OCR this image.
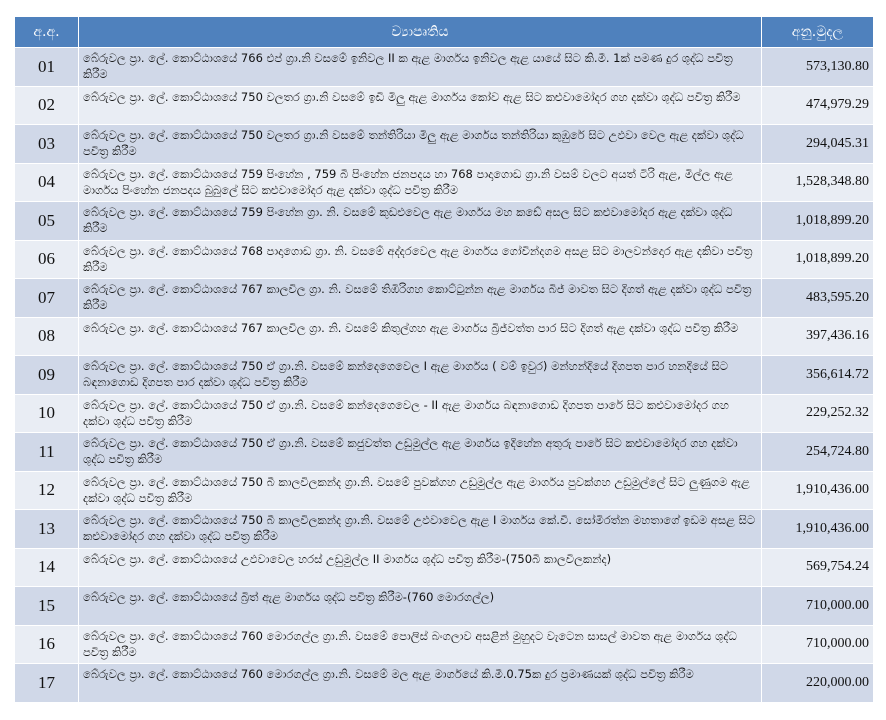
අ.අ.	ව්‍යාපෘතිය	අනු.මුදල
01	බේරුවල ප්‍රා. ලේ. කොට්ඨාශයේ 766 එප් ග්‍රා.නි වසමේ ඉනිවල II ක ඇළ මාර්ගය ඉනිවල ඇළ යායේ සිට කි.මී. 1ක් පමණ දුර ශුද්ධ පවිත්‍ර කිරීම	573,130.80
02	බේරුවල ප්‍රා. ලේ. කොට්ඨාශයේ 750 වලතර ග්‍රා.නි වසමේ ඉඩි මිලු ඇළ මාර්ගය කෝව ඇළ සිට කළුවාමෝදර ගහ දක්වා ශුද්ධ පවිත්‍ර කිරීම	474,979.29
03	බේරුවල ප්‍රා. ලේ. කොට්ඨාශයේ 750 වලතර ග්‍රා.නි වසමේ තන්තිරියා මිලු ඇළ මාර්ගය තන්තිරියා කුඹුරේ සිට උඵවා වෙල ඇළ දක්වා ශුද්ධ පවිත්‍ර කිරීම	294,045.31
04	බේරුවල ප්‍රා. ලේ. කොට්ඨාශයේ 759 පිංහේන , 759 බී පිංහේන ජනපදය හා 768 පාදාගොඩ ග්‍රා.නි වසම් වලට අයත් ටිරි ඇළ, මිල්ල ඇළ මාර්ගය පිංහේන ජනපදය බුබුලේ සිට කළුවාමෝදර ඇළ දක්වා ශුද්ධ පවිත්‍ර කිරීම	1,528,348.80
05	බේරුවල ප්‍රා. ලේ. කොට්ඨාශයේ 759 පිංහේන ග්‍රා. නි. වසමේ කුඩඑවෙල ඇළ මාර්ගය මහ කඩේ අසල සිට කළුවාමෝදර ඇළ දක්වා ශුද්ධ කිරීම	1,018,899.20
06	බේරුවල ප්‍රා. ලේ. කොට්ඨාශයේ 768 පාදාගොඩ ග්‍රා. නි. වසමේ අද්දරවෙල ඇළ මාර්ගය ගෝවින්දගම අසළ සිට මාලවන්දොර ඇළ දකිවා පවිත්‍ර කිරීම	1,018,899.20
07	බේරුවල ප්‍රා. ලේ. කොට්ඨාශයේ 767 කාලවිල ග්‍රා. නි. වසමේ තිඹිරිගහ කොට්ටුන්න ඇළ මාර්ගය බිජ් මාවත සිට දිගත් ඇළ දක්වා ශුද්ධ පවිත්‍ර කිරීම	483,595.20
08	බේරුවල ප්‍රා. ලේ. කොට්ඨාශයේ 767 කාලවිල ග්‍රා. නි. වසමේ කිතුල්ගහ ඇළ මාර්ගය බ්‍රිජ්වත්ත පාර සිට දිගත් ඇළ දක්වා ශුද්ධ පවිත්‍ර කිරීම	397,436.16
09	බේරුවල ප්‍රා. ලේ. කොට්ඨාශයේ 750 ඒ ග්‍රා.නි. වසමේ කන්දෙගෙවෙල I ඇළ මාර්ගය ( වම් ඉවුර) මන්හන්දියේ දිගපත පාර හනදියේ සිට බඳනාගොඩ දිගපත පාර දක්වා ශුද්ධ පවිත්‍ර කිරීම	356,614.72
10	බේරුවල ප්‍රා. ලේ. කොට්ඨාශයේ 750 ඒ ග්‍රා.නි. වසමේ කන්දෙගෙවෙල - II ඇළ මාර්ගය බඳනාගොඩ දිගපත පාරේ සිට කළුවාමෝදර ගහ දක්වා ශුද්ධ පවිත්‍ර කිරීම	229,252.32
11	බේරුවල ප්‍රා. ලේ. කොට්ඨාශයේ 750 ඒ ග්‍රා.නි. වසමේ කජුවත්ත උඩුමුල්ල ඇළ මාර්ගය ඉදිහේන අතුරු පාරේ සිට කළුවාමෝදර ගහ දක්වා ශුද්ධ පවිත්‍ර කිරීම	254,724.80
12	බේරුවල ප්‍රා. ලේ. කොට්ඨාශයේ 750 බී කාලවිලකන්ද ග්‍රා.නි. වසමේ පුවක්ගහ උඩුමුල්ල ඇළ මාර්ගය පුවක්ගහ උඩුමුල්ලේ සිට ලුණුගම ඇළ දක්වා ශුද්ධ පවිත්‍ර කිරීම	1,910,436.00
13	බේරුවල ප්‍රා. ලේ. කොට්ඨාශයේ 750 බී කාලවිලකන්ද ග්‍රා.නි. වසමේ උඵවාවෙල ඇළ I මාර්ගය කේ.වී. සෝමිරත්න මහතාගේ ඉඩම අසළ සිට කළුවාමෝදර ගහ දක්වා ශුද්ධ පවිත්‍ර කිරීම	1,910,436.00
14	බේරුවල ප්‍රා. ලේ. කොට්ඨාශයේ උඵවාවෙල හරස් උඩුමුල්ල II මාර්ගය ශුද්ධ පවිත්‍ර කිරීම-(750බී කාලවිලකන්ද)	569,754.24
15	බේරුවල ප්‍රා. ලේ. කොට්ඨාශයේ බ්‍රිත් ඇළ මාර්ගය ශුද්ධ පවිත්‍ර කිරීම-(760 මොරගල්ල)	710,000.00
16	බේරුවල ප්‍රා. ලේ. කොට්ඨාශයේ 760 මොරගල්ල ග්‍රා.නි. වසමේ පොලිස් බංගලාව අසළින් මුහුදට වැටෙන සාසල් මාවත ඇළ මාර්ගය ශුද්ධ පවිත්‍ර කිරීම	710,000.00
17	බේරුවල ප්‍රා. ලේ. කොට්ඨාශයේ 760 මොරගල්ල ග්‍රා.නි. වසමේ මල ඇළ මාර්ගයේ කි.මී.0.75ක දුර ප්‍රමාණයක් ශුද්ධ පවිත්‍ර කිරීම	220,000.00
